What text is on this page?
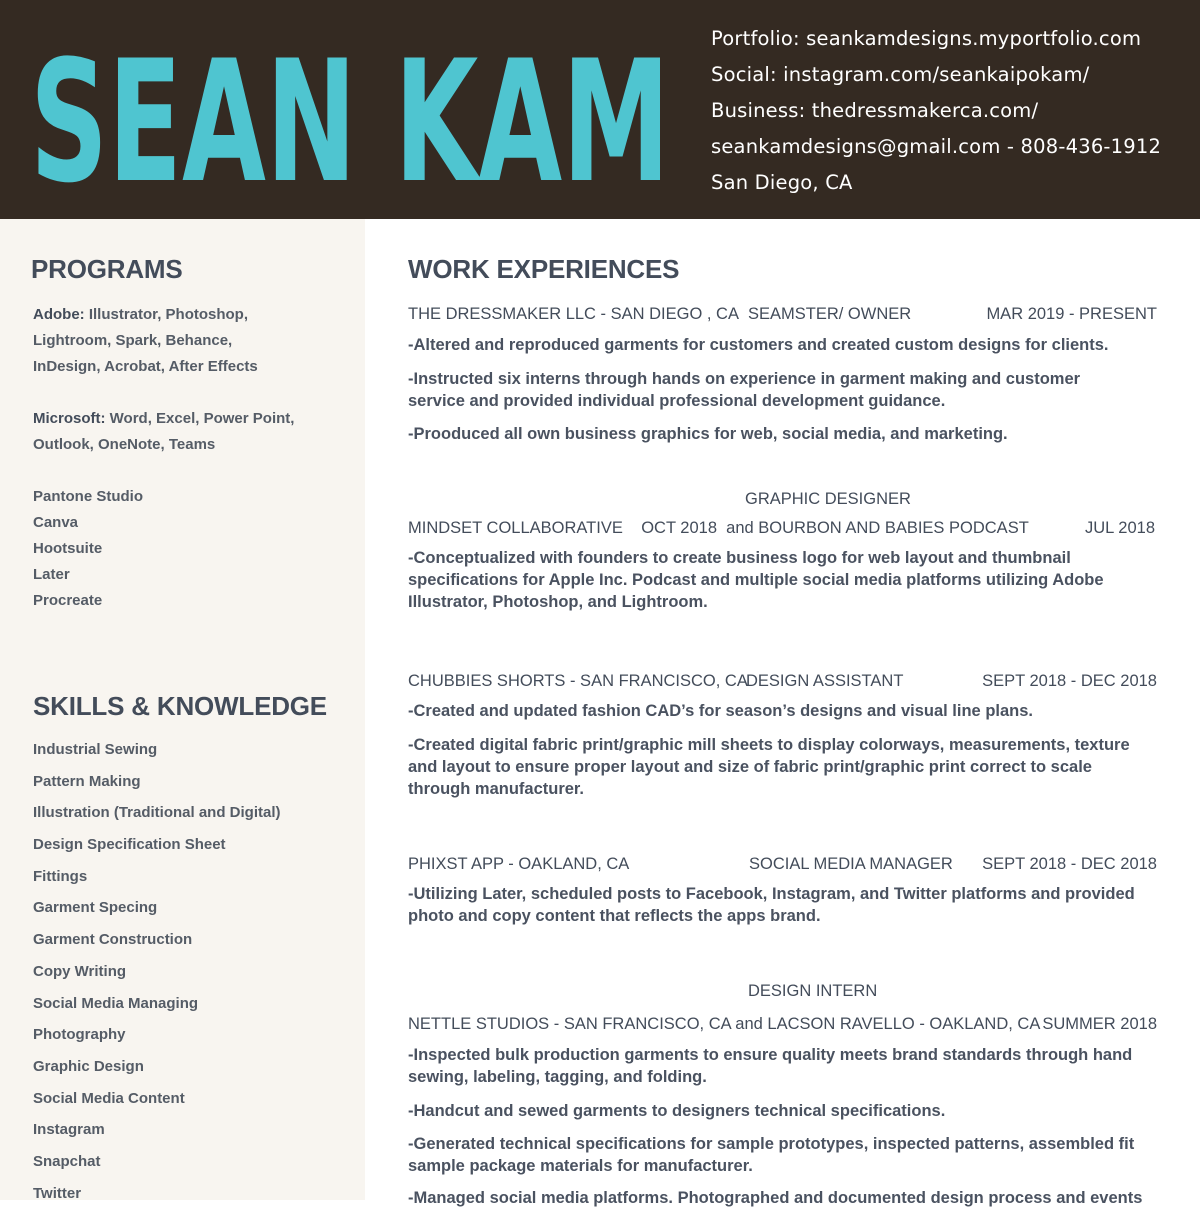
SEAN KAM Portfolio: seankamdesigns.myportfolio.com
Social: instagram.com/seankaipokam/
Business: thedressmakerca.com/
seankamdesigns@gmail.com - 808-436-1912
San Diego, CA
PROGRAMS
Adobe: Illustrator, Photoshop,
Lightroom, Spark, Behance,
InDesign, Acrobat, After Effects
Microsoft: Word, Excel, Power Point,
Outlook, OneNote, Teams
Pantone Studio
Canva
Hootsuite
Later
Procreate
SKILLS & KNOWLEDGE
Industrial Sewing
Pattern Making
Illustration (Traditional and Digital)
Design Specification Sheet
Fittings
Garment Specing
Garment Construction
Copy Writing
Social Media Managing
Photography
Graphic Design
Social Media Content
Instagram
Snapchat
Twitter
WORK EXPERIENCES
THE DRESSMAKER LLC - SAN DIEGO , CA SEAMSTER/ OWNER	MAR 2019 - PRESENT
-Altered and reproduced garments for customers and created custom designs for clients.
-Instructed six interns through hands on experience in garment making and customer
service and provided individual professional development guidance.
-Prooduced all own business graphics for web, social media, and marketing.
GRAPHIC DESIGNER
MINDSET COLLABORATIVE    OCT 2018  and BOURBON AND BABIES PODCAST	JUL 2018
-Conceptualized with founders to create business logo for web layout and thumbnail
specifications for Apple Inc. Podcast and multiple social media platforms utilizing Adobe
Illustrator, Photoshop, and Lightroom.
CHUBBIES SHORTS - SAN FRANCISCO, CA
DESIGN ASSISTANT	SEPT 2018 - DEC 2018
-Created and updated fashion CAD’s for season’s designs and visual line plans.
-Created digital fabric print/graphic mill sheets to display colorways, measurements, texture
and layout to ensure proper layout and size of fabric print/graphic print correct to scale
through manufacturer.
PHIXST APP - OAKLAND, CA	SOCIAL MEDIA MANAGER SEPT 2018 - DEC 2018
-Utilizing Later, scheduled posts to Facebook, Instagram, and Twitter platforms and provided
photo and copy content that reflects the apps brand.
DESIGN INTERN
NETTLE STUDIOS - SAN FRANCISCO, CA and LACSON RAVELLO - OAKLAND, CA SUMMER 2018
-Inspected bulk production garments to ensure quality meets brand standards through hand
sewing, labeling, tagging, and folding.
-Handcut and sewed garments to designers technical specifications.
-Generated technical specifications for sample prototypes, inspected patterns, assembled fit
sample package materials for manufacturer.
-Managed social media platforms. Photographed and documented design process and events
